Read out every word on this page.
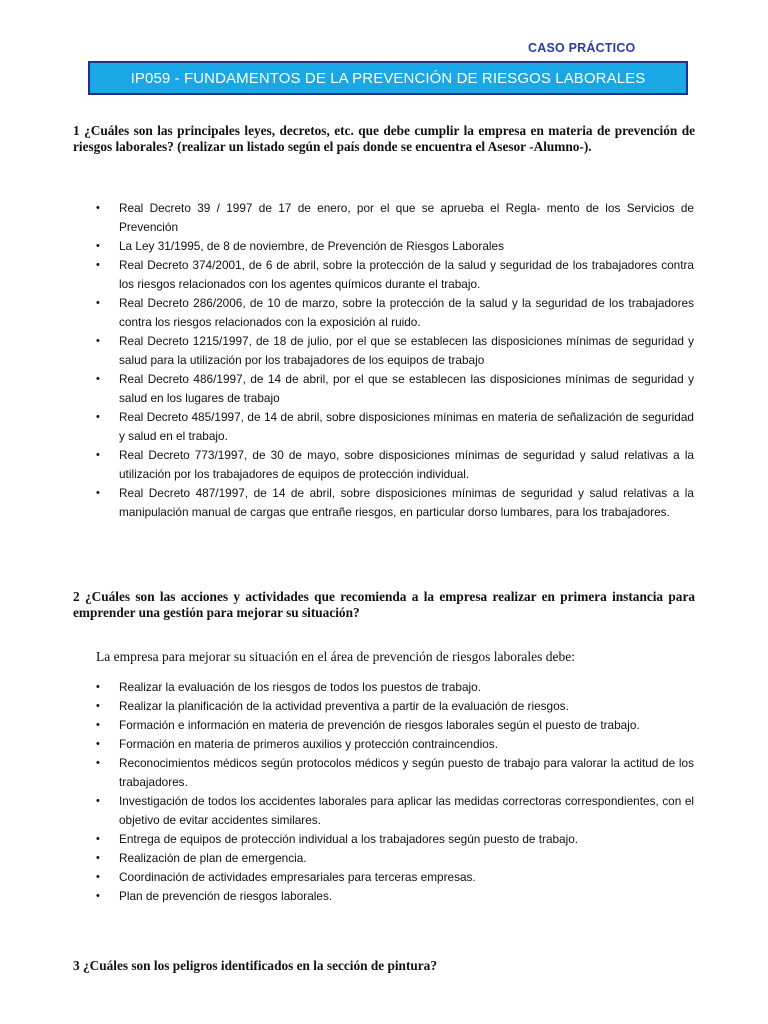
CASO PRÁCTICO
IP059 - FUNDAMENTOS DE LA PREVENCIÓN DE RIESGOS LABORALES

1 ¿Cuáles son las principales leyes, decretos, etc. que debe cumplir la empresa en materia de prevención de riesgos laborales? (realizar un listado según el país donde se encuentra el Asesor -Alumno-).

• Real Decreto 39 / 1997 de 17 de enero, por el que se aprueba el Regla- mento de los Servicios de Prevención
• La Ley 31/1995, de 8 de noviembre, de Prevención de Riesgos Laborales
• Real Decreto 374/2001, de 6 de abril, sobre la protección de la salud y seguridad de los trabajadores contra los riesgos relacionados con los agentes químicos durante el trabajo.
• Real Decreto 286/2006, de 10 de marzo, sobre la protección de la salud y la seguridad de los trabajadores contra los riesgos relacionados con la exposición al ruido.
• Real Decreto 1215/1997, de 18 de julio, por el que se establecen las disposiciones mínimas de seguridad y salud para la utilización por los trabajadores de los equipos de trabajo
• Real Decreto 486/1997, de 14 de abril, por el que se establecen las disposiciones mínimas de seguridad y salud en los lugares de trabajo
• Real Decreto 485/1997, de 14 de abril, sobre disposiciones mínimas en materia de señalización de seguridad y salud en el trabajo.
• Real Decreto 773/1997, de 30 de mayo, sobre disposiciones mínimas de seguridad y salud relativas a la utilización por los trabajadores de equipos de protección individual.
• Real Decreto 487/1997, de 14 de abril, sobre disposiciones mínimas de seguridad y salud relativas a la manipulación manual de cargas que entrañe riesgos, en particular dorso lumbares, para los trabajadores.

2 ¿Cuáles son las acciones y actividades que recomienda a la empresa realizar en primera instancia para emprender una gestión para mejorar su situación?

La empresa para mejorar su situación en el área de prevención de riesgos laborales debe:

• Realizar la evaluación de los riesgos de todos los puestos de trabajo.
• Realizar la planificación de la actividad preventiva a partir de la evaluación de riesgos.
• Formación e información en materia de prevención de riesgos laborales según el puesto de trabajo.
• Formación en materia de primeros auxilios y protección contraincendios.
• Reconocimientos médicos según protocolos médicos y según puesto de trabajo para valorar la actitud de los trabajadores.
• Investigación de todos los accidentes laborales para aplicar las medidas correctoras correspondientes, con el objetivo de evitar accidentes similares.
• Entrega de equipos de protección individual a los trabajadores según puesto de trabajo.
• Realización de plan de emergencia.
• Coordinación de actividades empresariales para terceras empresas.
• Plan de prevención de riesgos laborales.

3 ¿Cuáles son los peligros identificados en la sección de pintura?
